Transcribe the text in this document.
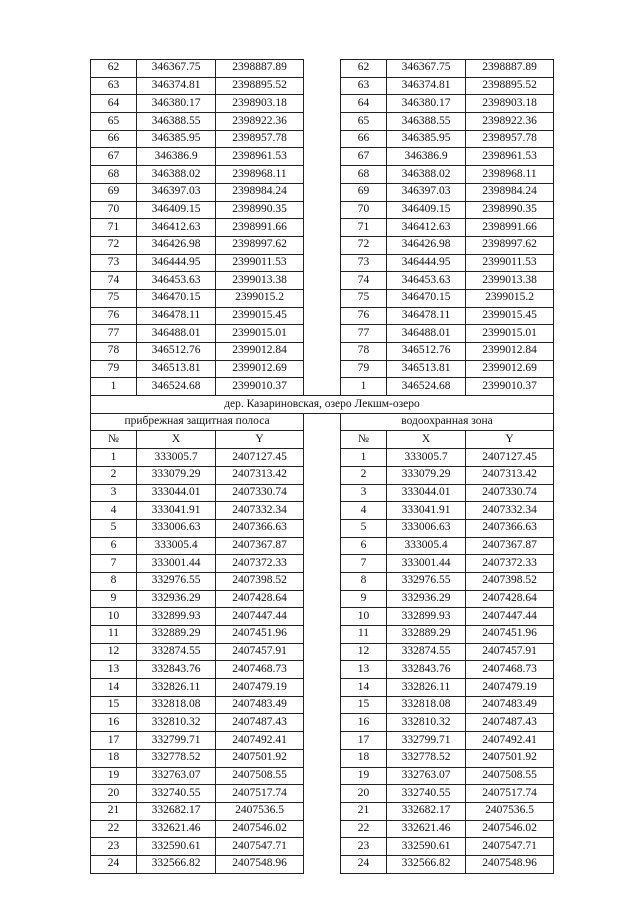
62	346367.75	2398887.89		62	346367.75	2398887.89
63	346374.81	2398895.52		63	346374.81	2398895.52
64	346380.17	2398903.18		64	346380.17	2398903.18
65	346388.55	2398922.36		65	346388.55	2398922.36
66	346385.95	2398957.78		66	346385.95	2398957.78
67	346386.9	2398961.53		67	346386.9	2398961.53
68	346388.02	2398968.11		68	346388.02	2398968.11
69	346397.03	2398984.24		69	346397.03	2398984.24
70	346409.15	2398990.35		70	346409.15	2398990.35
71	346412.63	2398991.66		71	346412.63	2398991.66
72	346426.98	2398997.62		72	346426.98	2398997.62
73	346444.95	2399011.53		73	346444.95	2399011.53
74	346453.63	2399013.38		74	346453.63	2399013.38
75	346470.15	2399015.2		75	346470.15	2399015.2
76	346478.11	2399015.45		76	346478.11	2399015.45
77	346488.01	2399015.01		77	346488.01	2399015.01
78	346512.76	2399012.84		78	346512.76	2399012.84
79	346513.81	2399012.69		79	346513.81	2399012.69
1	346524.68	2399010.37		1	346524.68	2399010.37
дер. Казариновская, озеро Лекшм-озеро						
прибрежная защитная полоса				водоохранная зона		
№	X	Y		№	X	Y
1	333005.7	2407127.45		1	333005.7	2407127.45
2	333079.29	2407313.42		2	333079.29	2407313.42
3	333044.01	2407330.74		3	333044.01	2407330.74
4	333041.91	2407332.34		4	333041.91	2407332.34
5	333006.63	2407366.63		5	333006.63	2407366.63
6	333005.4	2407367.87		6	333005.4	2407367.87
7	333001.44	2407372.33		7	333001.44	2407372.33
8	332976.55	2407398.52		8	332976.55	2407398.52
9	332936.29	2407428.64		9	332936.29	2407428.64
10	332899.93	2407447.44		10	332899.93	2407447.44
11	332889.29	2407451.96		11	332889.29	2407451.96
12	332874.55	2407457.91		12	332874.55	2407457.91
13	332843.76	2407468.73		13	332843.76	2407468.73
14	332826.11	2407479.19		14	332826.11	2407479.19
15	332818.08	2407483.49		15	332818.08	2407483.49
16	332810.32	2407487.43		16	332810.32	2407487.43
17	332799.71	2407492.41		17	332799.71	2407492.41
18	332778.52	2407501.92		18	332778.52	2407501.92
19	332763.07	2407508.55		19	332763.07	2407508.55
20	332740.55	2407517.74		20	332740.55	2407517.74
21	332682.17	2407536.5		21	332682.17	2407536.5
22	332621.46	2407546.02		22	332621.46	2407546.02
23	332590.61	2407547.71		23	332590.61	2407547.71
24	332566.82	2407548.96		24	332566.82	2407548.96
